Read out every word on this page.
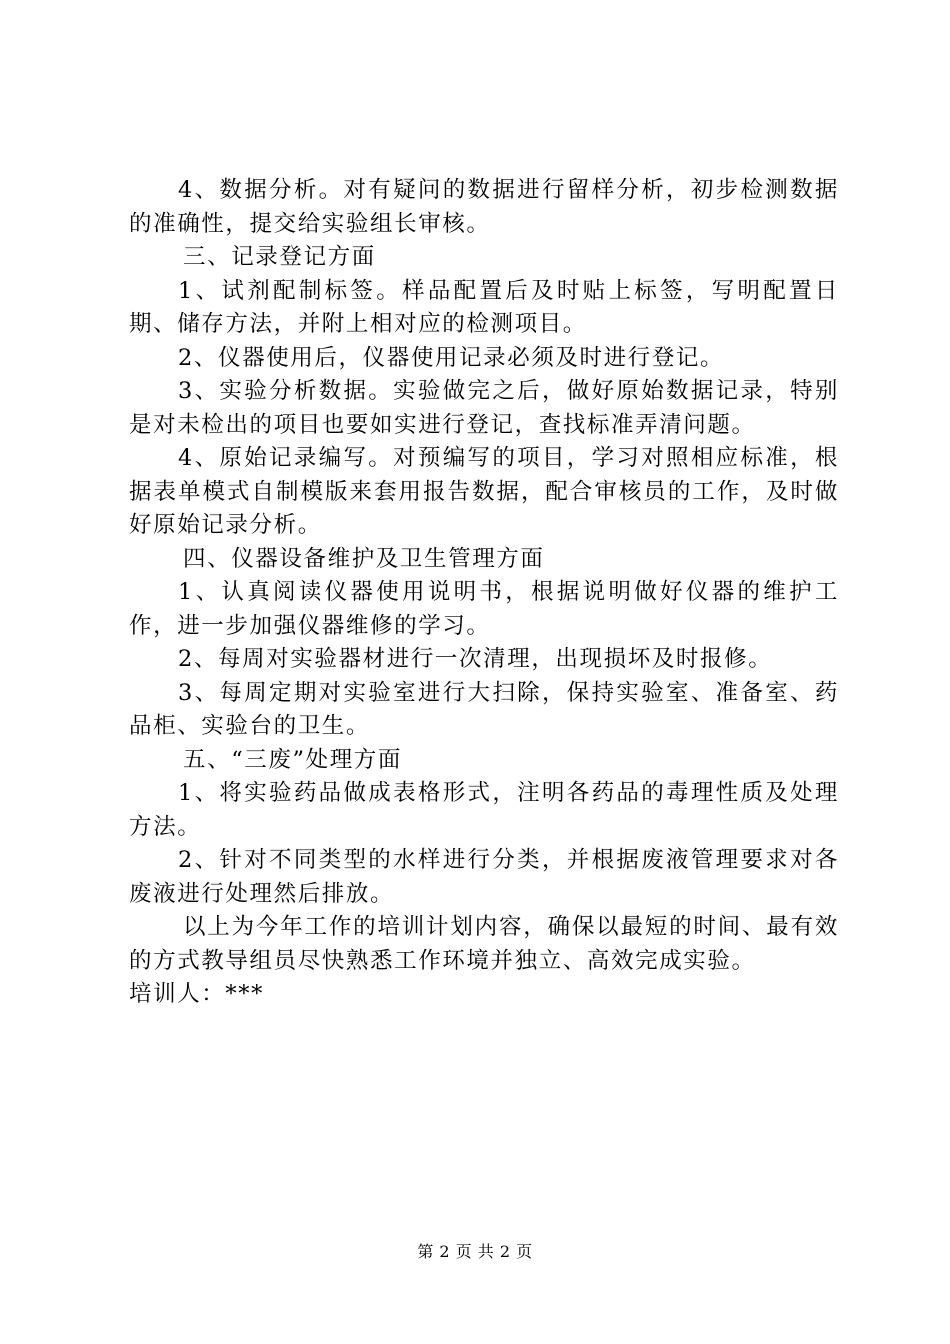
4、数据分析。对有疑问的数据进行留样分析，初步检测数据的准确性，提交给实验组长审核。

三、记录登记方面

1、试剂配制标签。样品配置后及时贴上标签，写明配置日期、储存方法，并附上相对应的检测项目。

2、仪器使用后，仪器使用记录必须及时进行登记。

3、实验分析数据。实验做完之后，做好原始数据记录，特别是对未检出的项目也要如实进行登记，查找标准弄清问题。

4、原始记录编写。对预编写的项目，学习对照相应标准，根据表单模式自制模版来套用报告数据，配合审核员的工作，及时做好原始记录分析。

四、仪器设备维护及卫生管理方面

1、认真阅读仪器使用说明书，根据说明做好仪器的维护工作，进一步加强仪器维修的学习。

2、每周对实验器材进行一次清理，出现损坏及时报修。

3、每周定期对实验室进行大扫除，保持实验室、准备室、药品柜、实验台的卫生。

五、“三废”处理方面

1、将实验药品做成表格形式，注明各药品的毒理性质及处理方法。

2、针对不同类型的水样进行分类，并根据废液管理要求对各废液进行处理然后排放。

以上为今年工作的培训计划内容，确保以最短的时间、最有效的方式教导组员尽快熟悉工作环境并独立、高效完成实验。

培训人：***

第 2 页 共 2 页
